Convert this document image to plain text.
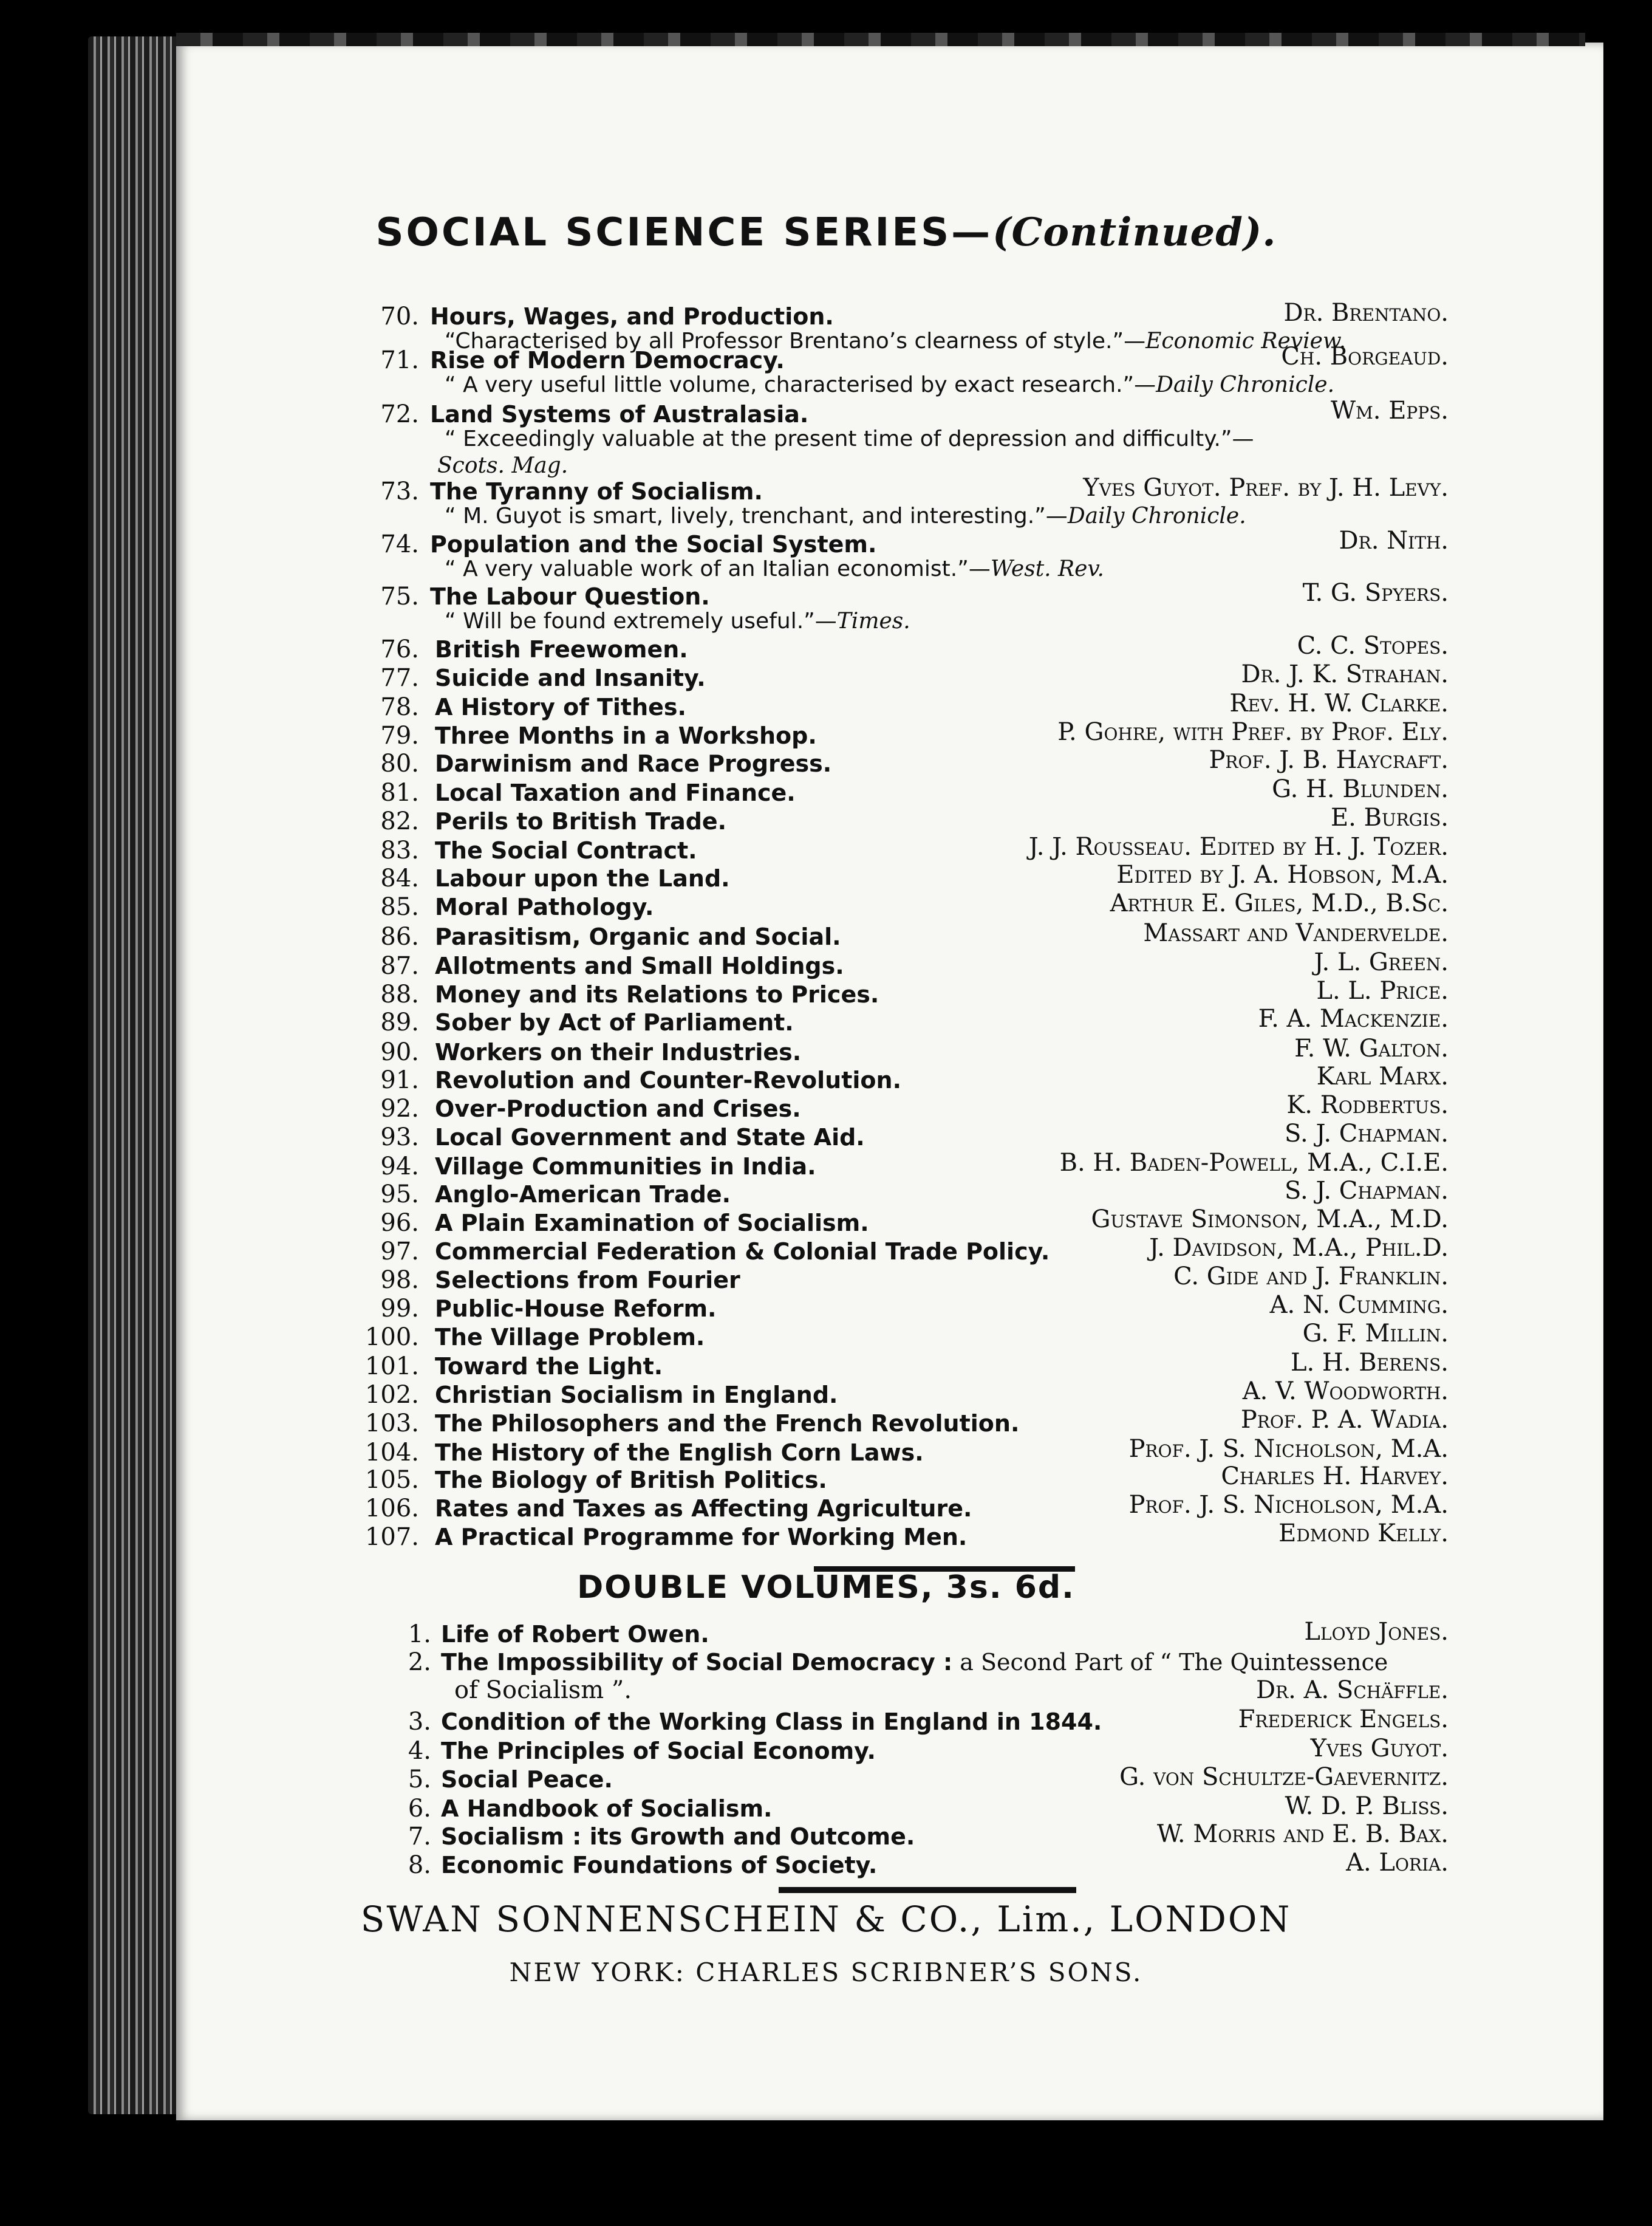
SOCIAL SCIENCE SERIES—(Continued).
70. Hours, Wages, and Production.	Dr. Brentano.
“Characterised by all Professor Brentano’s clearness of style.”—Economic Review.
71. Rise of Modern Democracy.	Ch. Borgeaud.
“ A very useful little volume, characterised by exact research.”—Daily Chronicle.
72. Land Systems of Australasia.	Wm. Epps.
Scots. Mag.
“ Exceedingly valuable at the present time of depression and difficulty.”—
73. The Tyranny of Socialism.	Yves Guyot. Pref. by J. H. Levy.
“ M. Guyot is smart, lively, trenchant, and interesting.”—Daily Chronicle.
74. Population and the Social System.	Dr. Nith.
“ A very valuable work of an Italian economist.”—West. Rev.
75. The Labour Question.	T. G. Spyers.
“ Will be found extremely useful.”—Times.
76. British Freewomen.	C. C. Stopes.
77. Suicide and Insanity.	Dr. J. K. Strahan.
78. A History of Tithes.	Rev. H. W. Clarke.
79. Three Months in a Workshop.	P. Gohre, with Pref. by Prof. Ely.
80. Darwinism and Race Progress.	Prof. J. B. Haycraft.
81. Local Taxation and Finance.	G. H. Blunden.
82. Perils to British Trade.	E. Burgis.
83. The Social Contract.	J. J. Rousseau. Edited by H. J. Tozer.
84. Labour upon the Land.	Edited by J. A. Hobson, M.A.
85. Moral Pathology.	Arthur E. Giles, M.D., B.Sc.
86. Parasitism, Organic and Social.	Massart and Vandervelde.
87. Allotments and Small Holdings.	J. L. Green.
88. Money and its Relations to Prices.	L. L. Price.
89. Sober by Act of Parliament.	F. A. Mackenzie.
90. Workers on their Industries.	F. W. Galton.
91. Revolution and Counter-Revolution.	Karl Marx.
92. Over-Production and Crises.	K. Rodbertus.
93. Local Government and State Aid.	S. J. Chapman.
94. Village Communities in India.	B. H. Baden-Powell, M.A., C.I.E.
95. Anglo-American Trade.	S. J. Chapman.
96. A Plain Examination of Socialism.	Gustave Simonson, M.A., M.D.
97. Commercial Federation & Colonial Trade Policy.	J. Davidson, M.A., Phil.D.
98. Selections from Fourier	C. Gide and J. Franklin.
99. Public-House Reform.	A. N. Cumming.
100. The Village Problem.	G. F. Millin.
101. Toward the Light.	L. H. Berens.
102. Christian Socialism in England.	A. V. Woodworth.
103. The Philosophers and the French Revolution.	Prof. P. A. Wadia.
104. The History of the English Corn Laws.	Prof. J. S. Nicholson, M.A.
105. The Biology of British Politics.	Charles H. Harvey.
106. Rates and Taxes as Affecting Agriculture.	Prof. J. S. Nicholson, M.A.
107. A Practical Programme for Working Men.	Edmond Kelly.
DOUBLE VOLUMES, 3s. 6d.
1. Life of Robert Owen.	Lloyd Jones.
2. The Impossibility of Social Democracy : a Second Part of “ The Quintessence
of Socialism ”.	Dr. A. Schäffle.
3. Condition of the Working Class in England in 1844.	Frederick Engels.
4. The Principles of Social Economy.	Yves Guyot.
5. Social Peace.	G. von Schultze-Gaevernitz.
6. A Handbook of Socialism.	W. D. P. Bliss.
7. Socialism : its Growth and Outcome.	W. Morris and E. B. Bax.
8. Economic Foundations of Society.	A. Loria.
SWAN SONNENSCHEIN & CO., Lim., LONDON
NEW YORK: CHARLES SCRIBNER’S SONS.
